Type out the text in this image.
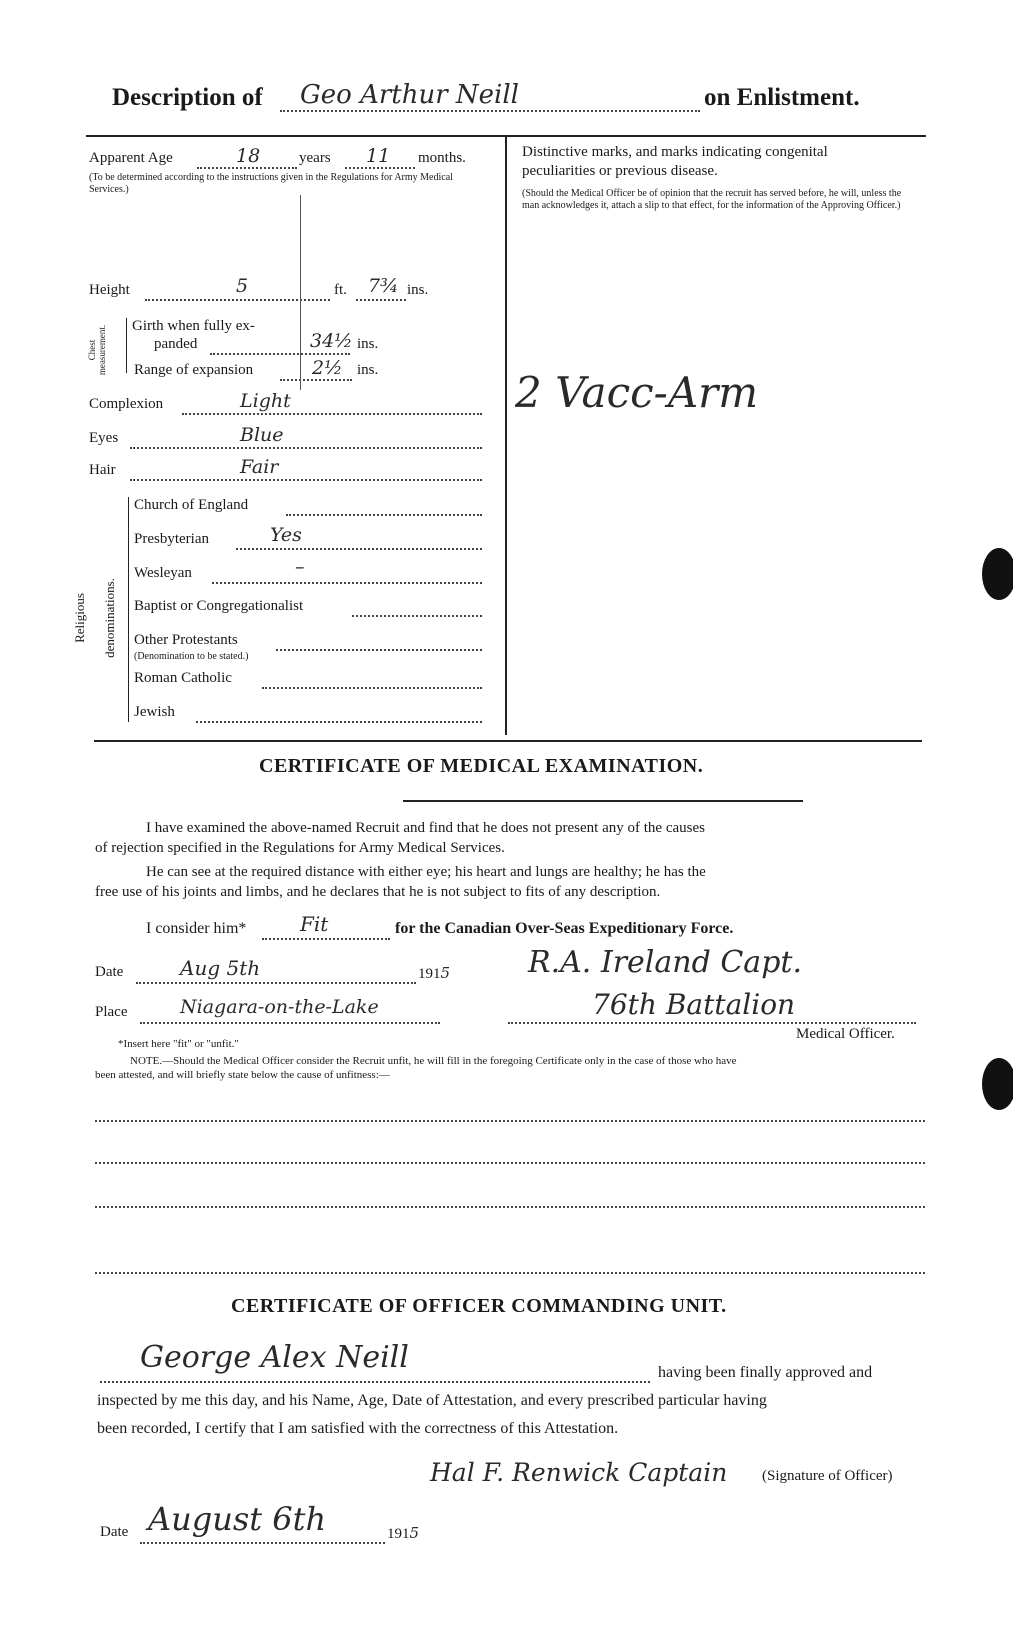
Description of Geo Arthur Neill	on Enlistment.
Apparent Age	18	years 11 months.
(To be determined according to the instructions given in the Regulations for Army Medical Services.)
Height	5	ft. 7¾ ins.
Chest measurement. Girth when fully ex-
panded	34½ ins.
Range of expansion	2½ ins.
Complexion	Light
Eyes	Blue
Hair	Fair
Religious denominations.
Church of England
Presbyterian	Yes
Wesleyan	–
Baptist or Congregationalist
Other Protestants
(Denomination to be stated.)
Roman Catholic
Jewish
Distinctive marks, and marks indicating congenital
peculiarities or previous disease.
(Should the Medical Officer be of opinion that the recruit has served before, he will, unless the man acknowledges it, attach a slip to that effect, for the information of the Approving Officer.)
2 Vacc-Arm
CERTIFICATE OF MEDICAL EXAMINATION.
I have examined the above-named Recruit and find that he does not present any of the causes
of rejection specified in the Regulations for Army Medical Services.
He can see at the required distance with either eye; his heart and lungs are healthy; he has the
free use of his joints and limbs, and he declares that he is not subject to fits of any description.
I consider him*	Fit	for the Canadian Over-Seas Expeditionary Force.
Date	Aug 5th	1915	R.A. Ireland Capt.
Place	Niagara-on-the-Lake	76th Battalion
Medical Officer.
*Insert here "fit" or "unfit."
NOTE.—Should the Medical Officer consider the Recruit unfit, he will fill in the foregoing Certificate only in the case of those who have
been attested, and will briefly state below the cause of unfitness:—
CERTIFICATE OF OFFICER COMMANDING UNIT.
George Alex Neill	having been finally approved and
inspected by me this day, and his Name, Age, Date of Attestation, and every prescribed particular having
been recorded, I certify that I am satisfied with the correctness of this Attestation.
Hal F. Renwick Captain (Signature of Officer)
Date August 6th	1915
